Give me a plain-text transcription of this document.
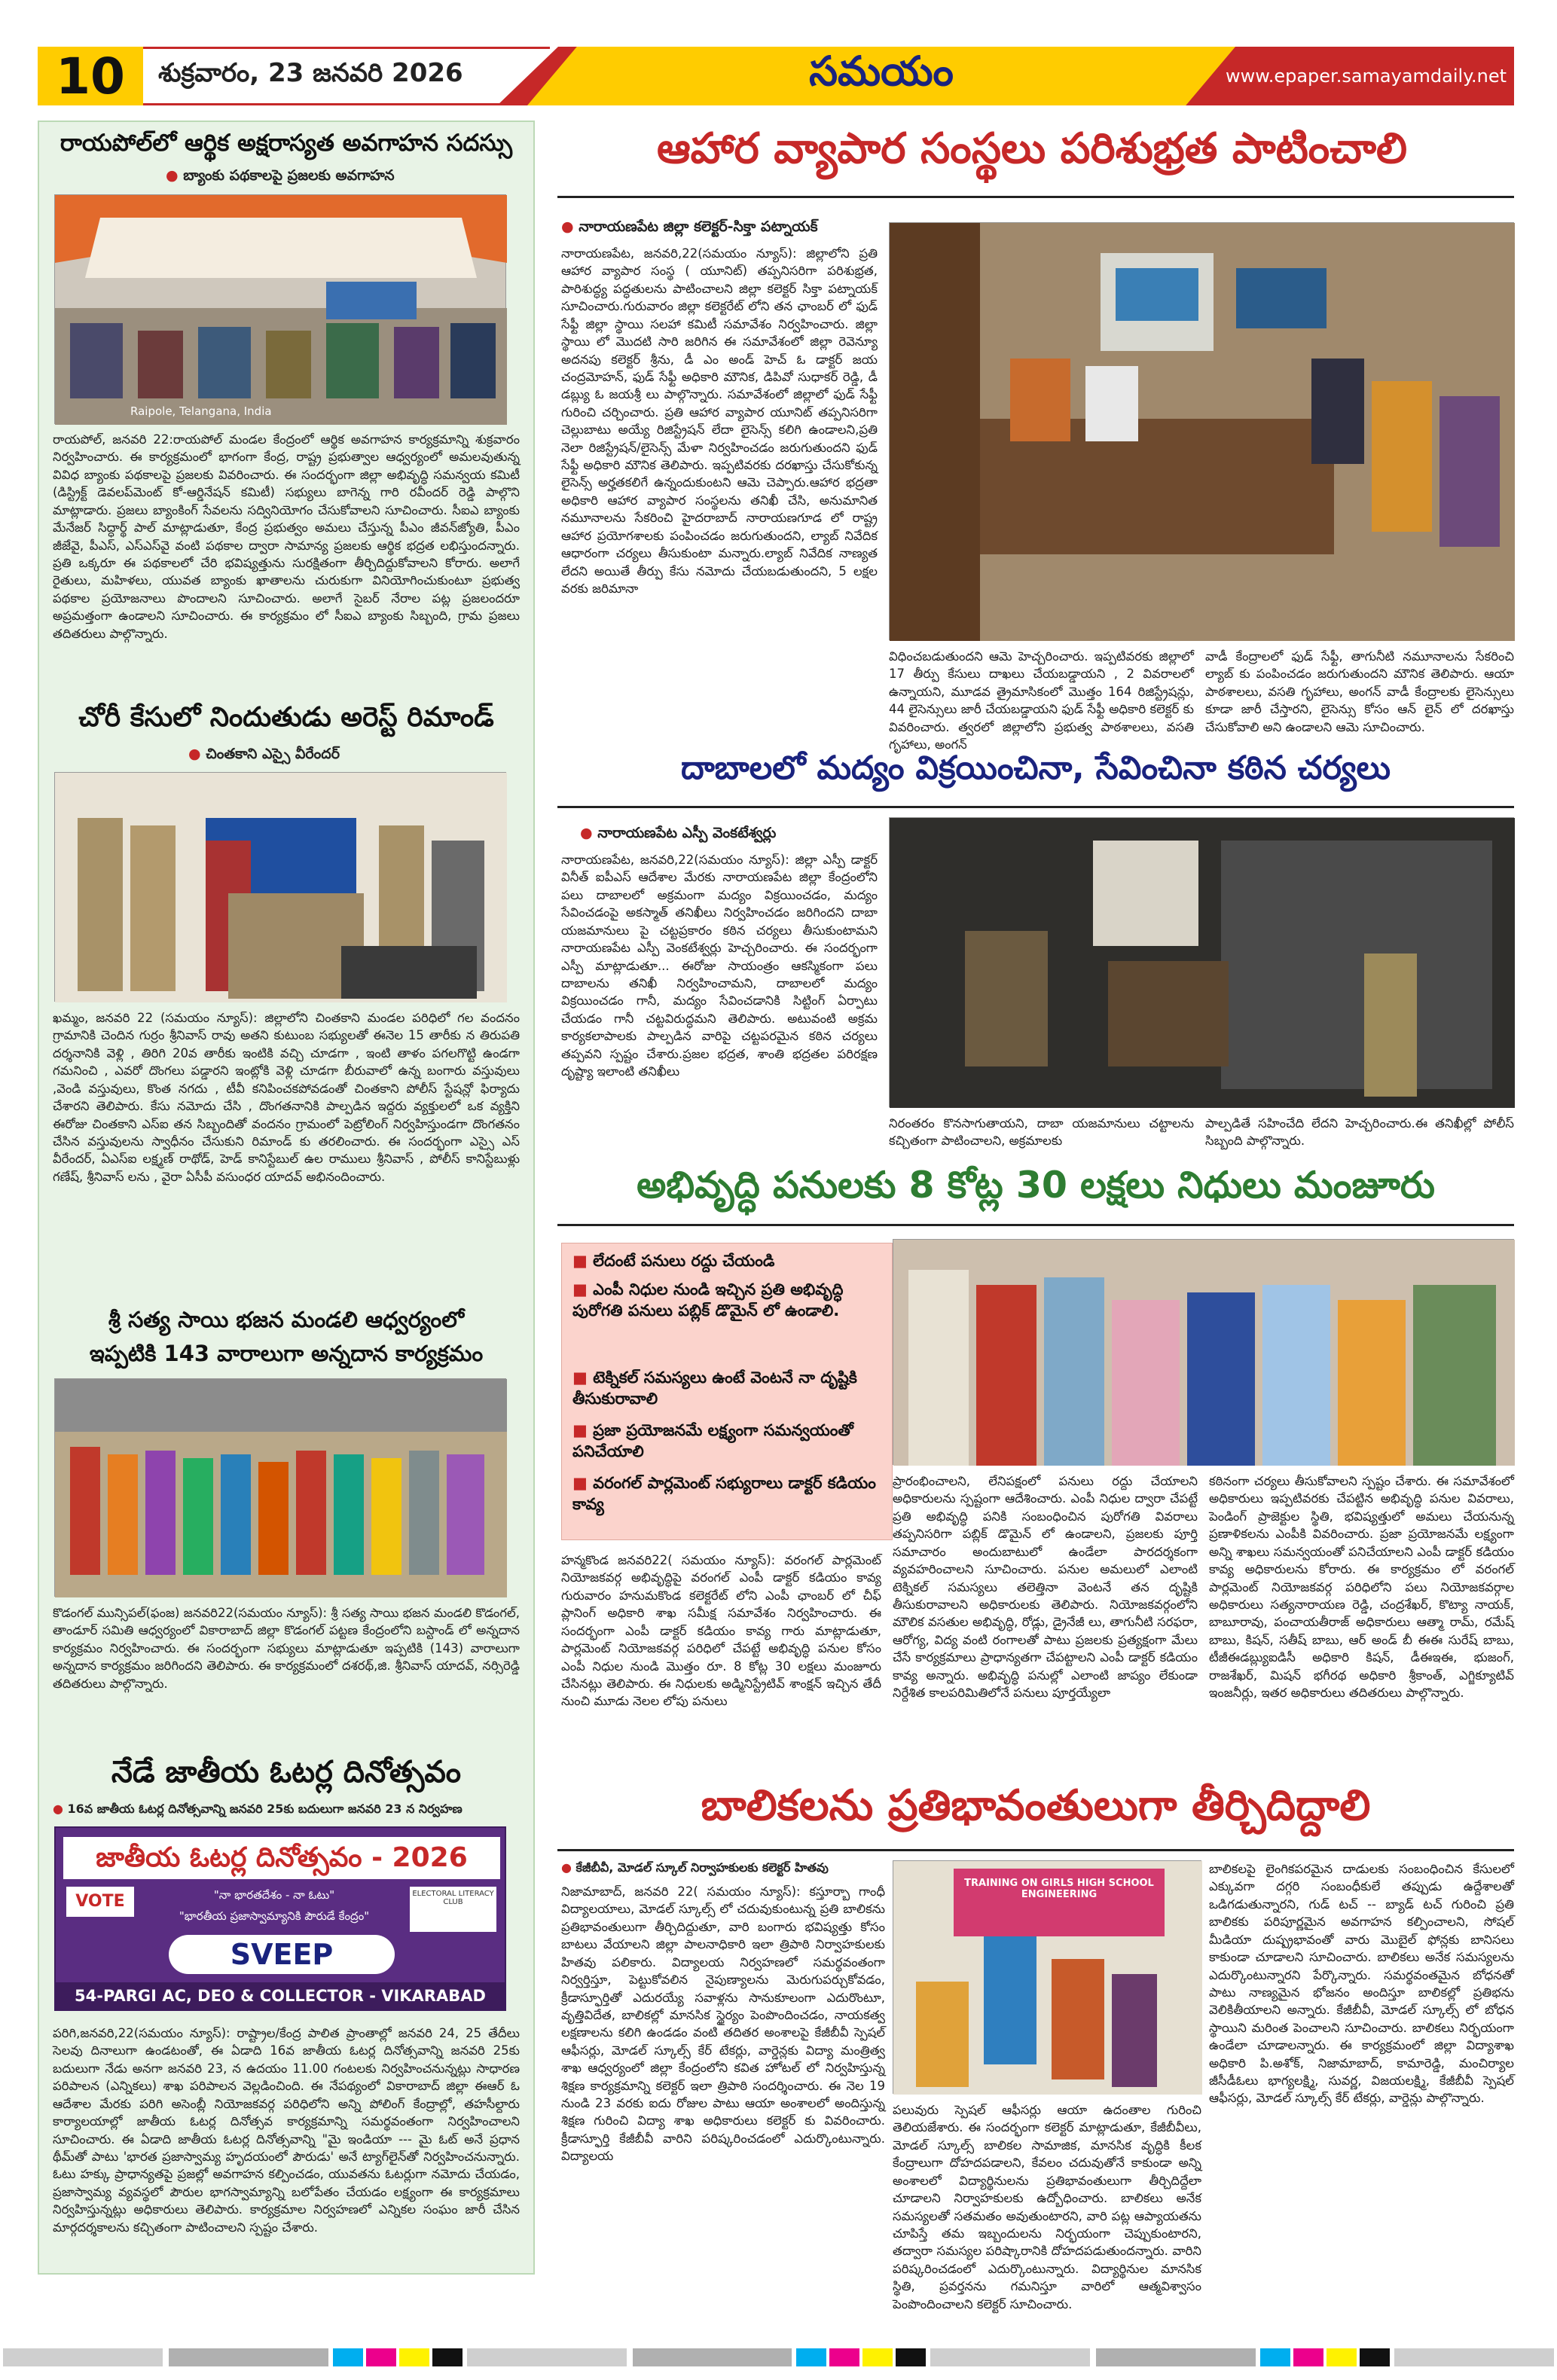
10	శుక్రవారం, 23 జనవరి 2026	సమయం	www.epaper.samayamdaily.net
రాయపోల్‌లో ఆర్థిక అక్షరాస్యత అవగాహన సదస్సు
● బ్యాంకు పథకాలపై ప్రజలకు అవగాహన
Raipole, Telangana, India
రాయపోల్, జనవరి 22:రాయపోల్ మండల కేంద్రంలో ఆర్థిక అవగాహన కార్యక్రమాన్ని శుక్రవారం నిర్వహించారు. ఈ కార్యక్రమంలో భాగంగా కేంద్ర, రాష్ట్ర ప్రభుత్వాల ఆధ్వర్యంలో అమలవుతున్న వివిధ బ్యాంకు పథకాలపై ప్రజలకు వివరించారు. ఈ సందర్భంగా జిల్లా అభివృద్ధి సమన్వయ కమిటీ (డిస్ట్రిక్ట్ డెవలప్‌మెంట్ కో-ఆర్డినేషన్ కమిటీ) సభ్యులు బాగెన్న గారి రవీందర్ రెడ్డి పాల్గొని మాట్లాడారు. ప్రజలు బ్యాంకింగ్ సేవలను సద్వినియోగం చేసుకోవాలని సూచించారు. సీఐఎ బ్యాంకు మేనేజర్ సిద్ధార్థ్ పాల్ మాట్లాడుతూ, కేంద్ర ప్రభుత్వం అమలు చేస్తున్న పీఎం జీవన్‌జ్యోతి, పీఎం జీజేవై, పీఎస్, ఎస్‌ఎస్‌వై వంటి పథకాల ద్వారా సామాన్య ప్రజలకు ఆర్థిక భద్రత లభిస్తుందన్నారు. ప్రతి ఒక్కరూ ఈ పథకాలలో చేరి భవిష్యత్తును సురక్షితంగా తీర్చిదిద్దుకోవాలని కోరారు. అలాగే రైతులు, మహిళలు, యువత బ్యాంకు ఖాతాలను చురుకుగా వినియోగించుకుంటూ ప్రభుత్వ పథకాల ప్రయోజనాలు పొందాలని సూచించారు. అలాగే సైబర్ నేరాల పట్ల ప్రజలందరూ అప్రమత్తంగా ఉండాలని సూచించారు. ఈ కార్యక్రమం లో సీఐఎ బ్యాంకు సిబ్బంది, గ్రామ ప్రజలు తదితరులు పాల్గొన్నారు.
చోరీ కేసులో నిందుతుడు అరెస్ట్ రిమాండ్
● చింతకాని ఎస్సై వీరేందర్
ఖమ్మం, జనవరి 22 (సమయం న్యూస్): జిల్లాలోని చింతకాని మండల పరిధిలో గల వందనం గ్రామానికి చెందిన గుర్రం శ్రీనివాస్ రావు అతని కుటుంబ సభ్యులతో ఈనెల 15 తారీకు న తిరుపతి దర్శనానికి వెళ్లి , తిరిగి 20వ తారీకు ఇంటికి వచ్చి చూడగా , ఇంటి తాళం పగలగొట్టి ఉండగా గమనించి , ఎవరో దొంగలు పడ్డారని ఇంట్లోకి వెళ్లి చూడగా బీరువాలో ఉన్న బంగారు వస్తువులు ,వెండి వస్తువులు, కొంత నగదు , టీవీ కనిపించకపోవడంతో చింతకాని పోలీస్ స్టేషన్లో ఫిర్యాదు చేశారని తెలిపారు. కేసు నమోదు చేసి , దొంగతనానికి పాల్పడిన ఇద్దరు వ్యక్తులలో ఒక వ్యక్తిని ఈరోజు చింతకాని ఎస్ఐ తన సిబ్బందితో వందనం గ్రామంలో పెట్రోలింగ్ నిర్వహిస్తుండగా దొంగతనం చేసిన వస్తువులను స్వాధీనం చేసుకుని రిమాండ్ కు తరలించారు. ఈ సందర్భంగా ఎస్సై ఎస్ వీరేందర్, ఏఎస్ఐ లక్ష్మణ్ రాథోడ్, హెడ్ కానిస్టేబుల్ ఉల రాములు శ్రీనివాస్ , పోలీస్ కానిస్టేబుళ్లు గణేష్, శ్రీనివాస్ లను , వైరా ఏసీపీ వసుంధర యాదవ్ అభినందించారు.
శ్రీ సత్య సాయి భజన మండలి ఆధ్వర్యంలో
ఇప్పటికి 143 వారాలుగా అన్నదాన కార్యక్రమం
కొడంగల్ మున్సిపల్(ఫంజ) జనవరి22(సమయం న్యూస్): శ్రీ సత్య సాయి భజన మండలి కొడంగల్, తాండూర్ సమితి ఆధ్వర్యంలో వికారాబాద్ జిల్లా కొడంగల్ పట్టణ కేంద్రంలోని బస్టాండ్ లో అన్నదాన కార్యక్రమం నిర్వహించారు. ఈ సందర్భంగా సభ్యులు మాట్లాడుతూ ఇప్పటికి (143) వారాలుగా అన్నదాన కార్యక్రమం జరిగిందని తెలిపారు. ఈ కార్యక్రమంలో దశరథ్,జి. శ్రీనివాస్ యాదవ్, నర్సిరెడ్డి తదితరులు పాల్గొన్నారు.
నేడే జాతీయ ఓటర్ల దినోత్సవం
● 16వ జాతీయ ఓటర్ల దినోత్సవాన్ని జనవరి 25కు బదులుగా జనవరి 23 న నిర్వహణ
జాతీయ ఓటర్ల దినోత్సవం - 2026
VOTE	"నా భారతదేశం - నా ఓటు"
"భారతీయ ప్రజాస్వామ్యానికి పౌరుడే కేంద్రం"
ELECTORAL LITERACY CLUB
SVEEP
54-PARGI AC, DEO & COLLECTOR - VIKARABAD
పరిగి,జనవరి,22(సమయం న్యూస్): రాష్ట్రాల/కేంద్ర పాలిత ప్రాంతాల్లో జనవరి 24, 25 తేదీలు సెలవు దినాలుగా ఉండటంతో, ఈ ఏడాది 16వ జాతీయ ఓటర్ల దినోత్సవాన్ని జనవరి 25కు బదులుగా నేడు అనగా జనవరి 23, న ఉదయం 11.00 గంటలకు నిర్వహించనున్నట్లు సాధారణ పరిపాలన (ఎన్నికలు) శాఖ పరిపాలన వెల్లడించింది. ఈ నేపథ్యంలో వికారాబాద్ జిల్లా ఈఆర్ ఓ ఆదేశాల మేరకు పరిగి అసెంబ్లీ నియోజకవర్గ పరిధిలోని అన్ని పోలింగ్ కేంద్రాల్లో, తహసీల్దారు కార్యాలయాల్లో జాతీయ ఓటర్ల దినోత్సవ కార్యక్రమాన్ని సమర్థవంతంగా నిర్వహించాలని సూచించారు. ఈ ఏడాది జాతీయ ఓటర్ల దినోత్సవాన్ని "మై ఇండియా --- మై ఓట్ అనే ప్రధాన థీమ్‌తో పాటు 'భారత ప్రజాస్వామ్య హృదయంలో పౌరుడు' అనే ట్యాగ్‌లైన్‌తో నిర్వహించనున్నారు. ఓటు హక్కు ప్రాధాన్యతపై ప్రజల్లో అవగాహన కల్పించడం, యువతను ఓటర్లుగా నమోదు చేయడం, ప్రజాస్వామ్య వ్యవస్థలో పౌరుల భాగస్వామ్యాన్ని బలోపేతం చేయడం లక్ష్యంగా ఈ కార్యక్రమాలు నిర్వహిస్తున్నట్లు అధికారులు తెలిపారు. కార్యక్రమాల నిర్వహణలో ఎన్నికల సంఘం జారీ చేసిన మార్గదర్శకాలను కచ్చితంగా పాటించాలని స్పష్టం చేశారు.
ఆహార వ్యాపార సంస్థలు పరిశుభ్రత పాటించాలి
● నారాయణపేట జిల్లా కలెక్టర్-సిక్తా పట్నాయక్
నారాయణపేట, జనవరి,22(సమయం న్యూస్): జిల్లాలోని ప్రతి ఆహార వ్యాపార సంస్థ ( యూనిట్) తప్పనిసరిగా పరిశుభ్రత, పారిశుద్ధ్య పద్ధతులను పాటించాలని జిల్లా కలెక్టర్ సిక్తా పట్నాయక్ సూచించారు.గురువారం జిల్లా కలెక్టరేట్ లోని తన ఛాంబర్ లో ఫుడ్ సేఫ్టీ జిల్లా స్థాయి సలహా కమిటీ సమావేశం నిర్వహించారు. జిల్లా స్థాయి లో మొదటి సారి జరిగిన ఈ సమావేశంలో జిల్లా రెవెన్యూ అదనపు కలెక్టర్ శ్రీను, డీ ఎం అండ్ హెచ్ ఓ డాక్టర్ జయ చంద్రమోహన్, ఫుడ్ సేఫ్టీ అధికారి మౌనిక, డిపివో సుధాకర్ రెడ్డి, డీ డబ్ల్యు ఓ జయశ్రీ లు పాల్గొన్నారు. సమావేశంలో జిల్లాలో ఫుడ్ సేఫ్టీ గురించి చర్చించారు. ప్రతి ఆహార వ్యాపార యూనిట్ తప్పనిసరిగా చెల్లుబాటు అయ్యే రిజిస్ట్రేషన్ లేదా లైసెన్స్ కలిగి ఉండాలని,ప్రతి నెలా రిజిస్ట్రేషన్/లైసెన్స్ మేళా నిర్వహించడం జరుగుతుందని ఫుడ్ సేఫ్టీ అధికారి మౌనిక తెలిపారు. ఇప్పటివరకు దరఖాస్తు చేసుకోకున్న లైసెన్స్ అర్హతకలిగే ఉన్నందుకుంటని ఆమె చెప్పారు.ఆహార భద్రతా అధికారి ఆహార వ్యాపార సంస్థలను తనిఖీ చేసి, అనుమానిత నమూనాలను సేకరించి హైదరాబాద్ నారాయణగూడ లో రాష్ట్ర ఆహార ప్రయోగశాలకు పంపించడం జరుగుతుందని, ల్యాబ్ నివేదిక ఆధారంగా చర్యలు తీసుకుంటా మన్నారు.ల్యాబ్ నివేదిక నాణ్యత లేదని అయితే తీర్పు కేసు నమోదు చేయబడుతుందని, 5 లక్షల వరకు జరిమానా
విధించబడుతుందని ఆమె హెచ్చరించారు. ఇప్పటివరకు జిల్లాలో 17 తీర్పు కేసులు దాఖలు చేయబడ్డాయని , 2 వివరాలలో ఉన్నాయని, మూడవ త్రైమాసికంలో మొత్తం 164 రిజిస్ట్రేషన్లు, 44 లైసెన్సులు జారీ చేయబడ్డాయని ఫుడ్ సేఫ్టీ అధికారి కలెక్టర్ కు వివరించారు. త్వరలో జిల్లాలోని ప్రభుత్వ పాఠశాలలు, వసతి గృహాలు, అంగన్
వాడీ కేంద్రాలలో ఫుడ్ సేఫ్టీ, తాగునీటి నమూనాలను సేకరించి ల్యాబ్ కు పంపించడం జరుగుతుందని మౌనిక తెలిపారు. ఆయా పాఠశాలలు, వసతి గృహాలు, అంగన్ వాడీ కేంద్రాలకు లైసెన్సులు కూడా జారీ చేస్తారని, లైసెన్సు కోసం ఆన్ లైన్ లో దరఖాస్తు చేసుకోవాలి అని ఉండాలని ఆమె సూచించారు.
దాబాలలో మద్యం విక్రయించినా, సేవించినా కఠిన చర్యలు
● నారాయణపేట ఎస్పీ వెంకటేశ్వర్లు
నారాయణపేట, జనవరి,22(సమయం న్యూస్): జిల్లా ఎస్పీ డాక్టర్ వినీత్ ఐపీఎస్ ఆదేశాల మేరకు నారాయణపేట జిల్లా కేంద్రంలోని పలు దాబాలలో అక్రమంగా మద్యం విక్రయించడం, మద్యం సేవించడంపై అకస్మాత్ తనిఖీలు నిర్వహించడం జరిగిందని దాబా యజమానులు పై చట్టప్రకారం కఠిన చర్యలు తీసుకుంటామని నారాయణపేట ఎస్పీ వెంకటేశ్వర్లు హెచ్చరించారు. ఈ సందర్భంగా ఎస్పీ మాట్లాడుతూ... ఈరోజు సాయంత్రం ఆకస్మికంగా పలు దాబాలను తనిఖీ నిర్వహించామని, దాబాలలో మద్యం విక్రయించడం గానీ, మద్యం సేవించడానికి సిట్టింగ్ ఏర్పాటు చేయడం గానీ చట్టవిరుద్ధమని తెలిపారు. అటువంటి అక్రమ కార్యకలాపాలకు పాల్పడిన వారిపై చట్టపరమైన కఠిన చర్యలు తప్పవని స్పష్టం చేశారు.ప్రజల భద్రత, శాంతి భద్రతల పరిరక్షణ దృష్ట్యా ఇలాంటి తనిఖీలు
నిరంతరం కొనసాగుతాయని, దాబా యజమానులు చట్టాలను కచ్చితంగా పాటించాలని, అక్రమాలకు
పాల్పడితే సహించేది లేదని హెచ్చరించారు.ఈ తనిఖీల్లో పోలీస్ సిబ్బంది పాల్గొన్నారు.
అభివృద్ధి పనులకు 8 కోట్ల 30 లక్షలు నిధులు మంజూరు
■ లేదంటే పనులు రద్దు చేయండి
■ ఎంపీ నిధుల నుండి ఇచ్చిన ప్రతి అభివృద్ధి పురోగతి పనులు పబ్లిక్ డొమైన్ లో ఉండాలి.
■ టెక్నికల్ సమస్యలు ఉంటే వెంటనే నా దృష్టికి తీసుకురావాలి
■ ప్రజా ప్రయోజనమే లక్ష్యంగా సమన్వయంతో పనిచేయాలి
■ వరంగల్ పార్లమెంట్ సభ్యురాలు డాక్టర్ కడియం కావ్య
ప్రారంభించాలని, లేనిపక్షంలో పనులు రద్దు చేయాలని అధికారులను స్పష్టంగా ఆదేశించారు. ఎంపీ నిధుల ద్వారా చేపట్టే ప్రతి అభివృద్ధి పనికి సంబంధించిన పురోగతి వివరాలు తప్పనిసరిగా పబ్లిక్ డొమైన్ లో ఉండాలని, ప్రజలకు పూర్తి సమాచారం అందుబాటులో ఉండేలా పారదర్శకంగా వ్యవహరించాలని సూచించారు. పనుల అమలులో ఎలాంటి టెక్నికల్ సమస్యలు తలెత్తినా వెంటనే తన దృష్టికి తీసుకురావాలని అధికారులకు తెలిపారు. నియోజకవర్గంలోని మౌలిక వసతుల అభివృద్ధి, రోడ్లు, డ్రైనేజీ లు, తాగునీటి సరఫరా, ఆరోగ్య, విద్య వంటి రంగాలతో పాటు ప్రజలకు ప్రత్యక్షంగా మేలు చేసే కార్యక్రమాలు ప్రాధాన్యతగా చేపట్టాలని ఎంపీ డాక్టర్ కడియం కావ్య అన్నారు. అభివృద్ధి పనుల్లో ఎలాంటి జాప్యం లేకుండా నిర్దేశిత కాలపరిమితిలోనే పనులు పూర్తయ్యేలా
కఠినంగా చర్యలు తీసుకోవాలని స్పష్టం చేశారు. ఈ సమావేశంలో అధికారులు ఇప్పటివరకు చేపట్టిన అభివృద్ధి పనుల వివరాలు, పెండింగ్ ప్రాజెక్టుల స్థితి, భవిష్యత్తులో అమలు చేయనున్న ప్రణాళికలను ఎంపీకి వివరించారు. ప్రజా ప్రయోజనమే లక్ష్యంగా అన్ని శాఖలు సమన్వయంతో పనిచేయాలని ఎంపీ డాక్టర్ కడియం కావ్య అధికారులను కోరారు. ఈ కార్యక్రమం లో వరంగల్ పార్లమెంట్ నియోజకవర్గ పరిధిలోని పలు నియోజకవర్గాల అధికారులు సత్యనారాయణ రెడ్డి, చంద్రశేఖర్, కొట్యా నాయక్, బాబూరావు, పంచాయతీరాజ్ అధికారులు ఆత్మా రామ్, రమేష్ బాబు, కిషన్, సతీష్ బాబు, ఆర్ అండ్ బీ ఈఈ సురేష్ బాబు, టీజీఈడబ్ల్యుఐడిసీ అధికారి కిషన్, డీఈఇఈ, భుజంగ్, రాజశేఖర్, మిషన్ భగీరథ అధికారి శ్రీకాంత్, ఎగ్జిక్యూటివ్ ఇంజనీర్లు, ఇతర అధికారులు తదితరులు పాల్గొన్నారు.
హన్మకొండ జనవరి22( సమయం న్యూస్): వరంగల్ పార్లమెంట్ నియోజకవర్గ అభివృద్ధిపై వరంగల్ ఎంపీ డాక్టర్ కడియం కావ్య గురువారం హనుమకొండ కలెక్టరేట్ లోని ఎంపీ ఛాంబర్ లో చీఫ్ ప్లానింగ్ అధికారి శాఖ సమీక్ష సమావేశం నిర్వహించారు. ఈ సందర్భంగా ఎంపీ డాక్టర్ కడియం కావ్య గారు మాట్లాడుతూ, పార్లమెంట్ నియోజకవర్గ పరిధిలో చేపట్టే అభివృద్ధి పనుల కోసం ఎంపీ నిధుల నుండి మొత్తం రూ. 8 కోట్ల 30 లక్షలు మంజూరు చేసినట్లు తెలిపారు. ఈ నిధులకు అడ్మినిస్ట్రేటివ్ శాంక్షన్ ఇచ్చిన తేదీ నుంచి మూడు నెలల లోపు పనులు
బాలికలను ప్రతిభావంతులుగా తీర్చిదిద్దాలి
● కేజీబీవీ, మోడల్ స్కూల్ నిర్వాహకులకు కలెక్టర్ హితవు
నిజామాబాద్, జనవరి 22( సమయం న్యూస్): కస్తూర్బా గాంధీ విద్యాలయాలు, మోడల్ స్కూల్స్ లో చదువుకుంటున్న ప్రతి బాలికను ప్రతిభావంతులుగా తీర్చిదిద్దుతూ, వారి బంగారు భవిష్యత్తు కోసం బాటలు వేయాలని జిల్లా పాలనాధికారి ఇలా త్రిపాఠి నిర్వాహకులకు హితవు పలికారు. విద్యాలయ నిర్వహణలో సమర్థవంతంగా నిర్వర్తిస్తూ, పెట్టుకోవలిన నైపుణ్యాలను మెరుగుపర్చుకోవడం, క్రీడాస్ఫూర్తితో ఎదురయ్యే సవాళ్లను సానుకూలంగా ఎదురొంటూ, వృత్తివిదేత, బాలికల్లో మానసిక స్థైర్యం పెంపొందించడం, నాయకత్వ లక్షణాలను కలిగి ఉండడం వంటి తదితర అంశాలపై కేజీబీవీ స్పెషల్ ఆఫీసర్లు, మోడల్ స్కూల్స్ కేర్ టేకర్లు, వార్డెన్లకు విద్యా మంత్రిత్వ శాఖ ఆధ్వర్యంలో జిల్లా కేంద్రంలోని కవిత హోటల్ లో నిర్వహిస్తున్న శిక్షణ కార్యక్రమాన్ని కలెక్టర్ ఇలా త్రిపాఠి సందర్శించారు. ఈ నెల 19 నుండి 23 వరకు ఐదు రోజుల పాటు ఆయా అంశాలలో అందిస్తున్న శిక్షణ గురించి విద్యా శాఖ అధికారులు కలెక్టర్ కు వివరించారు. క్రీడాస్ఫూర్తి కేజీబీవీ వారిని పరిష్కరించడంలో ఎదుర్కొంటున్నారు. విద్యాలయ
TRAINING ON GIRLS HIGH SCHOOL ENGINEERING
పలువురు స్పెషల్ ఆఫీసర్లు ఆయా ఉదంతాల గురించి తెలియజేశారు. ఈ సందర్భంగా కలెక్టర్ మాట్లాడుతూ, కేజీబీవీలు, మోడల్ స్కూల్స్ బాలికల సామాజిక, మానసిక వృద్ధికి కీలక కేంద్రాలుగా దోహదపడాలని, కేవలం చదువుతోనే కాకుండా అన్ని అంశాలలో విద్యార్థినులను ప్రతిభావంతులుగా తీర్చిదిద్దేలా చూడాలని నిర్వాహకులకు ఉద్బోధించారు. బాలికలు అనేక సమస్యలతో సతమతం అవుతుంటారని, వారి పట్ల ఆప్యాయతను చూపిస్తే తమ ఇబ్బందులను నిర్భయంగా చెప్పుకుంటారని, తద్వారా సమస్యల పరిష్కారానికి దోహదపడుతుందన్నారు. వారిని పరిష్కరించడంలో ఎదుర్కొంటున్నారు. విద్యార్థినుల మానసిక స్థితి, ప్రవర్తనను గమనిస్తూ వారిలో ఆత్మవిశ్వాసం పెంపొందించాలని కలెక్టర్ సూచించారు.
బాలికలపై లైంగికపరమైన దాడులకు సంబంధించిన కేసులలో ఎక్కువగా దగ్గరి సంబంధీకులే తప్పుడు ఉద్దేశాలతో ఒడిగడుతున్నారని, గుడ్ టచ్ -- బ్యాడ్ టచ్ గురించి ప్రతి బాలికకు పరిపూర్ణమైన అవగాహన కల్పించాలని, సోషల్ మీడియా దుష్ప్రభావంతో వారు మొబైల్ ఫోన్లకు బానిసలు కాకుండా చూడాలని సూచించారు. బాలికలు అనేక సమస్యలను ఎదుర్కొంటున్నారని పేర్కొన్నారు. సమర్థవంతమైన బోధనతో పాటు నాణ్యమైన భోజనం అందిస్తూ బాలికల్లో ప్రతిభను వెలికితీయాలని అన్నారు. కేజీబీవీ, మోడల్ స్కూల్స్ లో బోధన స్థాయిని మరింత పెంచాలని సూచించారు. బాలికలు నిర్భయంగా ఉండేలా చూడాలన్నారు. ఈ కార్యక్రమంలో జిల్లా విద్యాశాఖ అధికారి పి.అశోక్, నిజామాబాద్, కామారెడ్డి, మంచిర్యాల జీసీడీఓలు భాగ్యలక్ష్మి, సువర్ణ, విజయలక్ష్మి, కేజీబీవీ స్పెషల్ ఆఫీసర్లు, మోడల్ స్కూల్స్ కేర్ టేకర్లు, వార్డెన్లు పాల్గొన్నారు.
